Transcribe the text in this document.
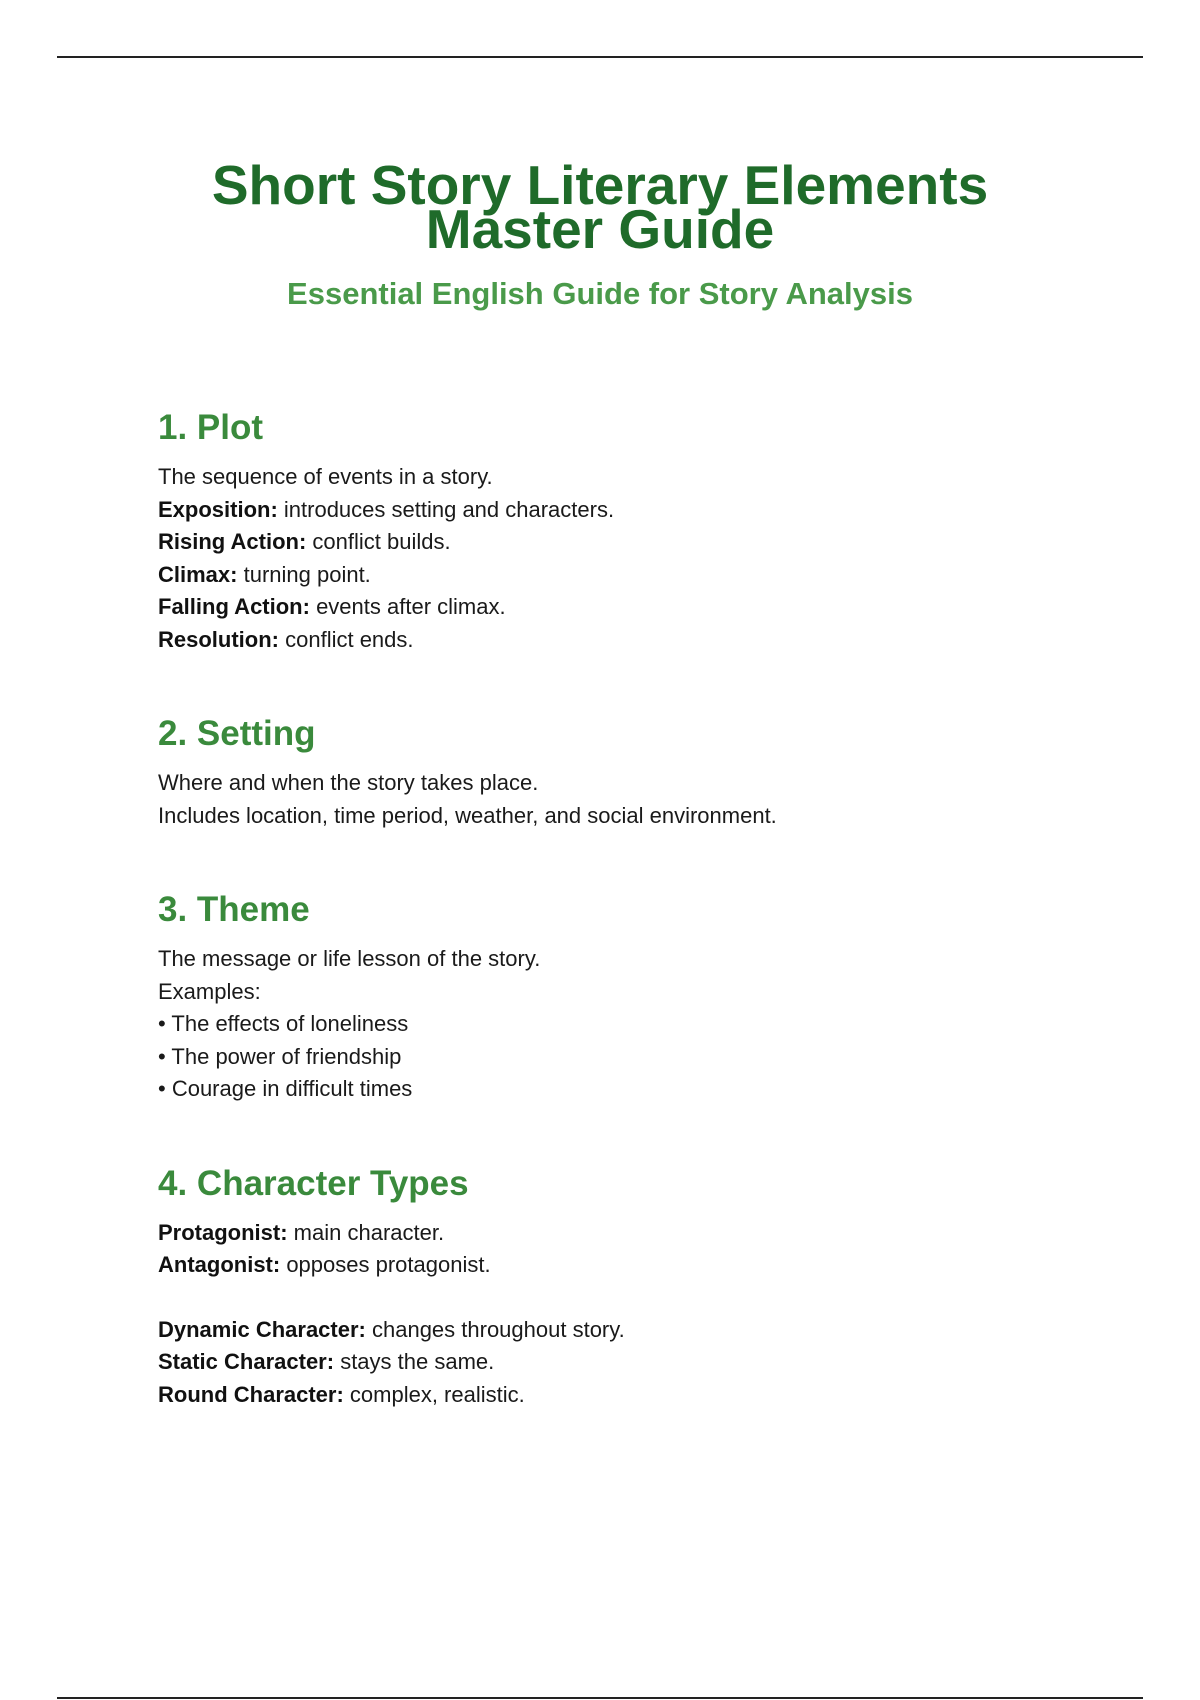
Short Story Literary Elements
Master Guide

Essential English Guide for Story Analysis

1. Plot
The sequence of events in a story.
Exposition: introduces setting and characters.
Rising Action: conflict builds.
Climax: turning point.
Falling Action: events after climax.
Resolution: conflict ends.
2. Setting
Where and when the story takes place.
Includes location, time period, weather, and social environment.
3. Theme
The message or life lesson of the story.
Examples:
• The effects of loneliness
• The power of friendship
• Courage in difficult times
4. Character Types
Protagonist: main character.
Antagonist: opposes protagonist.
Dynamic Character: changes throughout story.
Static Character: stays the same.
Round Character: complex, realistic.
